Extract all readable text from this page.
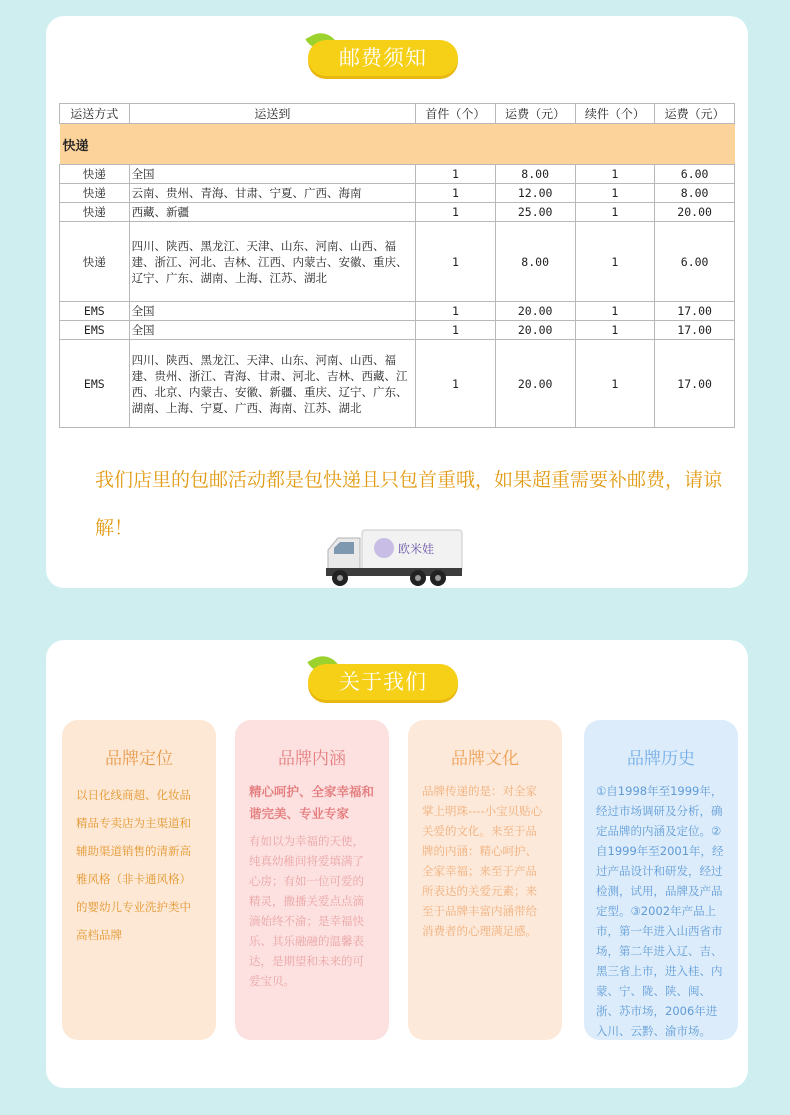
邮费须知
快递					
运送方式	运送到	首件（个）	运费（元）	续件（个）	运费（元）
快递	全国	1	8.00	1	6.00
快递	云南、贵州、青海、甘肃、宁夏、广西、海南	1	12.00	1	8.00
快递	西藏、新疆	1	25.00	1	20.00
快递	四川、陕西、黑龙江、天津、山东、河南、山西、福建、浙江、河北、吉林、江西、内蒙古、安徽、重庆、辽宁、广东、湖南、上海、江苏、湖北	1	8.00	1	6.00
EMS	全国	1	20.00	1	17.00
EMS	全国	1	20.00	1	17.00
EMS	四川、陕西、黑龙江、天津、山东、河南、山西、福建、贵州、浙江、青海、甘肃、河北、吉林、西藏、江西、北京、内蒙古、安徽、新疆、重庆、辽宁、广东、湖南、上海、宁夏、广西、海南、江苏、湖北	1	20.00	1	17.00
我们店里的包邮活动都是包快递且只包首重哦，如果超重需要补邮费，请谅解！
欧米娃
关于我们
品牌定位
以日化线商超、化妆品精品专卖店为主渠道和辅助渠道销售的清新高雅风格（非卡通风格）的婴幼儿专业洗护类中高档品牌
品牌内涵
精心呵护、全家幸福和谐完美、专业专家
有如以为幸福的天使，纯真幼稚间将爱填满了心房；有如一位可爱的精灵，撒播关爱点点滴滴始终不渝；是幸福快乐、其乐融融的温馨表达，是期望和未来的可爱宝贝。
品牌文化
品牌传递的是：对全家掌上明珠----小宝贝贴心关爱的文化。来至于品牌的内涵：精心呵护、全家幸福；来至于产品所表达的关爱元素；来至于品牌丰富内涵带给消费者的心理满足感。
品牌历史
①自1998年至1999年，经过市场调研及分析，确定品牌的内涵及定位。②自1999年至2001年，经过产品设计和研发，经过检测，试用，品牌及产品定型。③2002年产品上市，第一年进入山西省市场，第二年进入辽、吉、黑三省上市，进入桂、内蒙、宁、陇、陕、闽、浙、苏市场，2006年进入川、云黔、渝市场。
